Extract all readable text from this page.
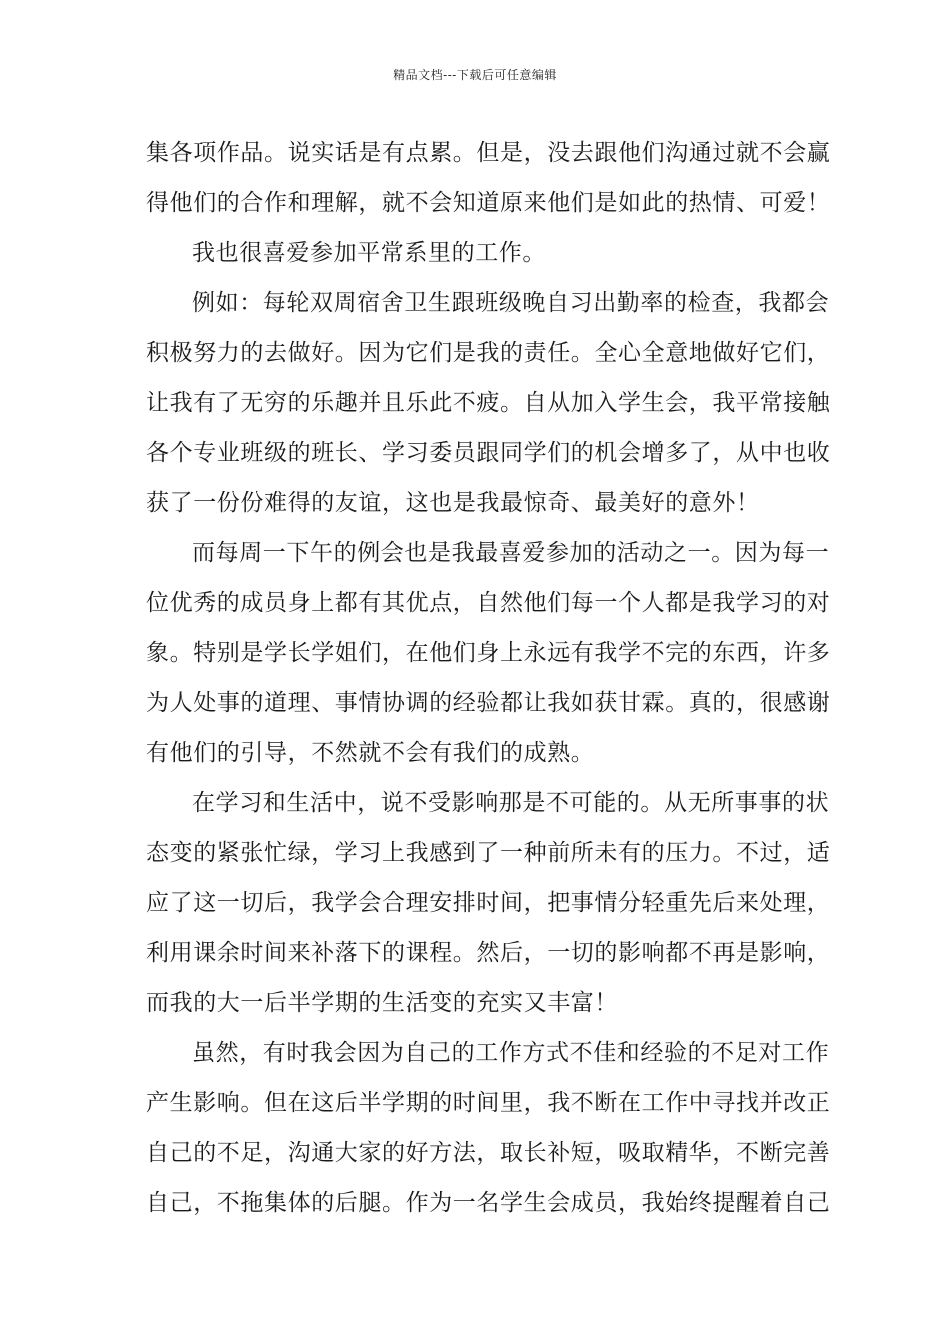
精品文档---下载后可任意编辑
集各项作品。说实话是有点累。但是，没去跟他们沟通过就不会赢
得他们的合作和理解，就不会知道原来他们是如此的热情、可爱！
我也很喜爱参加平常系里的工作。
例如：每轮双周宿舍卫生跟班级晚自习出勤率的检查，我都会
积极努力的去做好。因为它们是我的责任。全心全意地做好它们，
让我有了无穷的乐趣并且乐此不疲。自从加入学生会，我平常接触
各个专业班级的班长、学习委员跟同学们的机会增多了，从中也收
获了一份份难得的友谊，这也是我最惊奇、最美好的意外！
而每周一下午的例会也是我最喜爱参加的活动之一。因为每一
位优秀的成员身上都有其优点，自然他们每一个人都是我学习的对
象。特别是学长学姐们，在他们身上永远有我学不完的东西，许多
为人处事的道理、事情协调的经验都让我如获甘霖。真的，很感谢
有他们的引导，不然就不会有我们的成熟。
在学习和生活中，说不受影响那是不可能的。从无所事事的状
态变的紧张忙绿，学习上我感到了一种前所未有的压力。不过，适
应了这一切后，我学会合理安排时间，把事情分轻重先后来处理，
利用课余时间来补落下的课程。然后，一切的影响都不再是影响，
而我的大一后半学期的生活变的充实又丰富！
虽然，有时我会因为自己的工作方式不佳和经验的不足对工作
产生影响。但在这后半学期的时间里，我不断在工作中寻找并改正
自己的不足，沟通大家的好方法，取长补短，吸取精华，不断完善
自己，不拖集体的后腿。作为一名学生会成员，我始终提醒着自己
